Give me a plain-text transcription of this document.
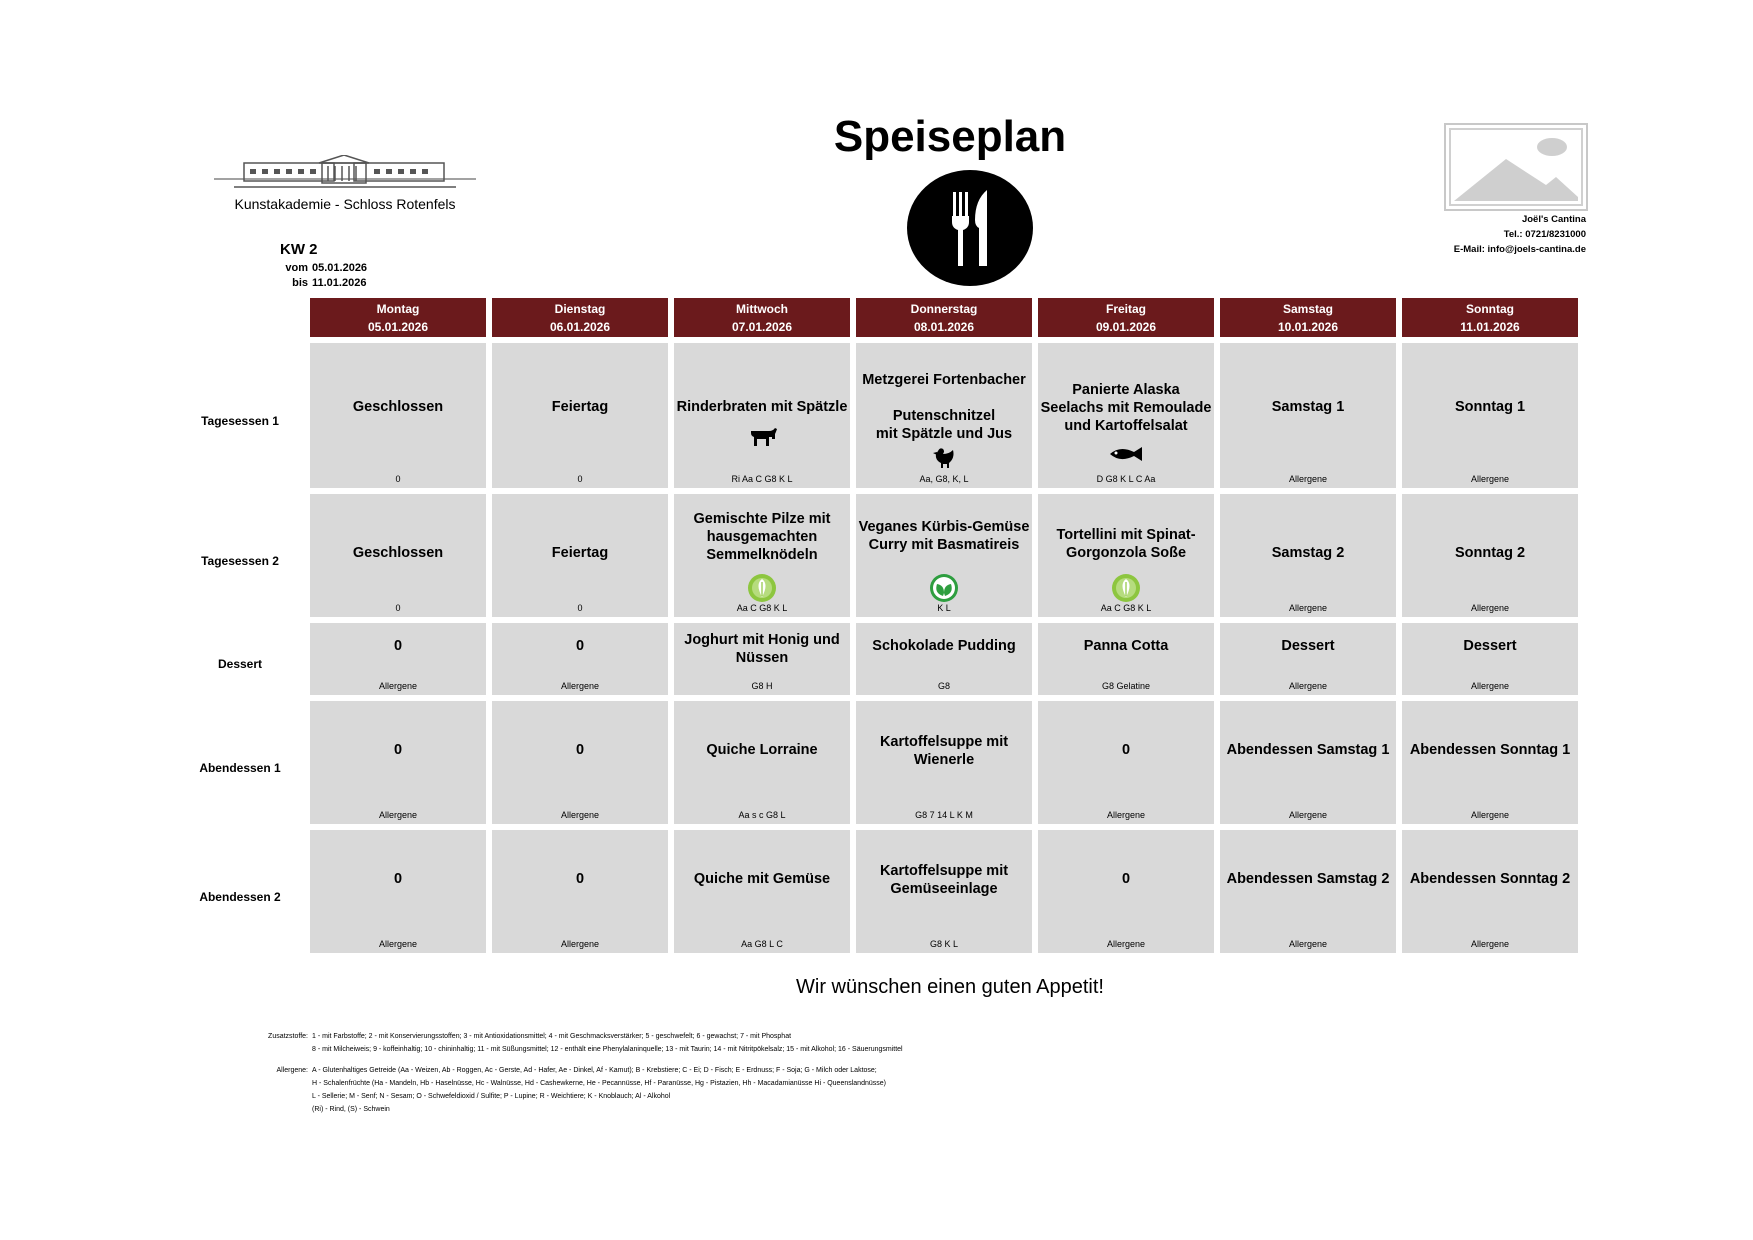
Speiseplan
Kunstakademie - Schloss Rotenfels
Joël's Cantina
Tel.: 0721/8231000
E-Mail: info@joels-cantina.de
KW 2
vom 05.01.2026
bis 11.01.2026
Montag
05.01.2026
Dienstag
06.01.2026
Mittwoch
07.01.2026
Donnerstag
08.01.2026
Freitag
09.01.2026
Samstag
10.01.2026
Sonntag
11.01.2026
Geschlossen
0
Feiertag
0
Rinderbraten mit Spätzle
Ri Aa C G8 K L
Metzgerei Fortenbacher

Putenschnitzel
mit Spätzle und Jus
Aa, G8, K, L
Panierte Alaska Seelachs mit Remoulade und Kartoffelsalat
D G8 K L C Aa
Samstag 1
Allergene
Sonntag 1
Allergene
Geschlossen
0
Feiertag
0
Gemischte Pilze mit hausgemachten Semmelknödeln
Aa C G8 K L
Veganes Kürbis-Gemüse Curry mit Basmatireis
K L
Tortellini mit Spinat-Gorgonzola Soße
Aa C G8 K L
Samstag 2
Allergene
Sonntag 2
Allergene
0
Allergene
0
Allergene
Joghurt mit Honig und Nüssen
G8 H
Schokolade Pudding
G8
Panna Cotta
G8 Gelatine
Dessert
Allergene
Dessert
Allergene
0
Allergene
0
Allergene
Quiche Lorraine
Aa s c G8 L
Kartoffelsuppe mit Wienerle
G8 7 14 L K M
0
Allergene
Abendessen Samstag 1
Allergene
Abendessen Sonntag 1
Allergene
0
Allergene
0
Allergene
Quiche mit Gemüse
Aa G8 L C
Kartoffelsuppe mit Gemüseeinlage
G8 K L
0
Allergene
Abendessen Samstag 2
Allergene
Abendessen Sonntag 2
Allergene
Tagesessen 1
Tagesessen 2
Dessert
Abendessen 1
Abendessen 2
Wir wünschen einen guten Appetit!
Zusatzstoffe: 1 - mit Farbstoffe; 2 - mit Konservierungsstoffen; 3 - mit Antioxidationsmittel; 4 - mit Geschmacksverstärker; 5 - geschwefelt; 6 - gewachst; 7 - mit Phosphat
8 - mit Milcheiweis; 9 - koffeinhaltig; 10 - chininhaltig; 11 - mit Süßungsmittel; 12 - enthält eine Phenylalaninquelle; 13 - mit Taurin; 14 - mit Nitritpökelsalz; 15 - mit Alkohol; 16 - Säuerungsmittel
Allergene: A - Glutenhaltiges Getreide (Aa - Weizen, Ab - Roggen, Ac - Gerste, Ad - Hafer, Ae - Dinkel, Af - Kamut); B - Krebstiere; C - Ei; D - Fisch; E - Erdnuss; F - Soja; G - Milch oder Laktose;
H - Schalenfrüchte (Ha - Mandeln, Hb - Haselnüsse, Hc - Walnüsse, Hd - Cashewkerne, He - Pecannüsse, Hf - Paranüsse, Hg - Pistazien, Hh - Macadamianüsse Hi - Queenslandnüsse)
L - Sellerie; M - Senf; N - Sesam; O - Schwefeldioxid / Sulfite; P - Lupine; R - Weichtiere; K - Knoblauch; Al - Alkohol
(Ri) - Rind, (S) - Schwein
